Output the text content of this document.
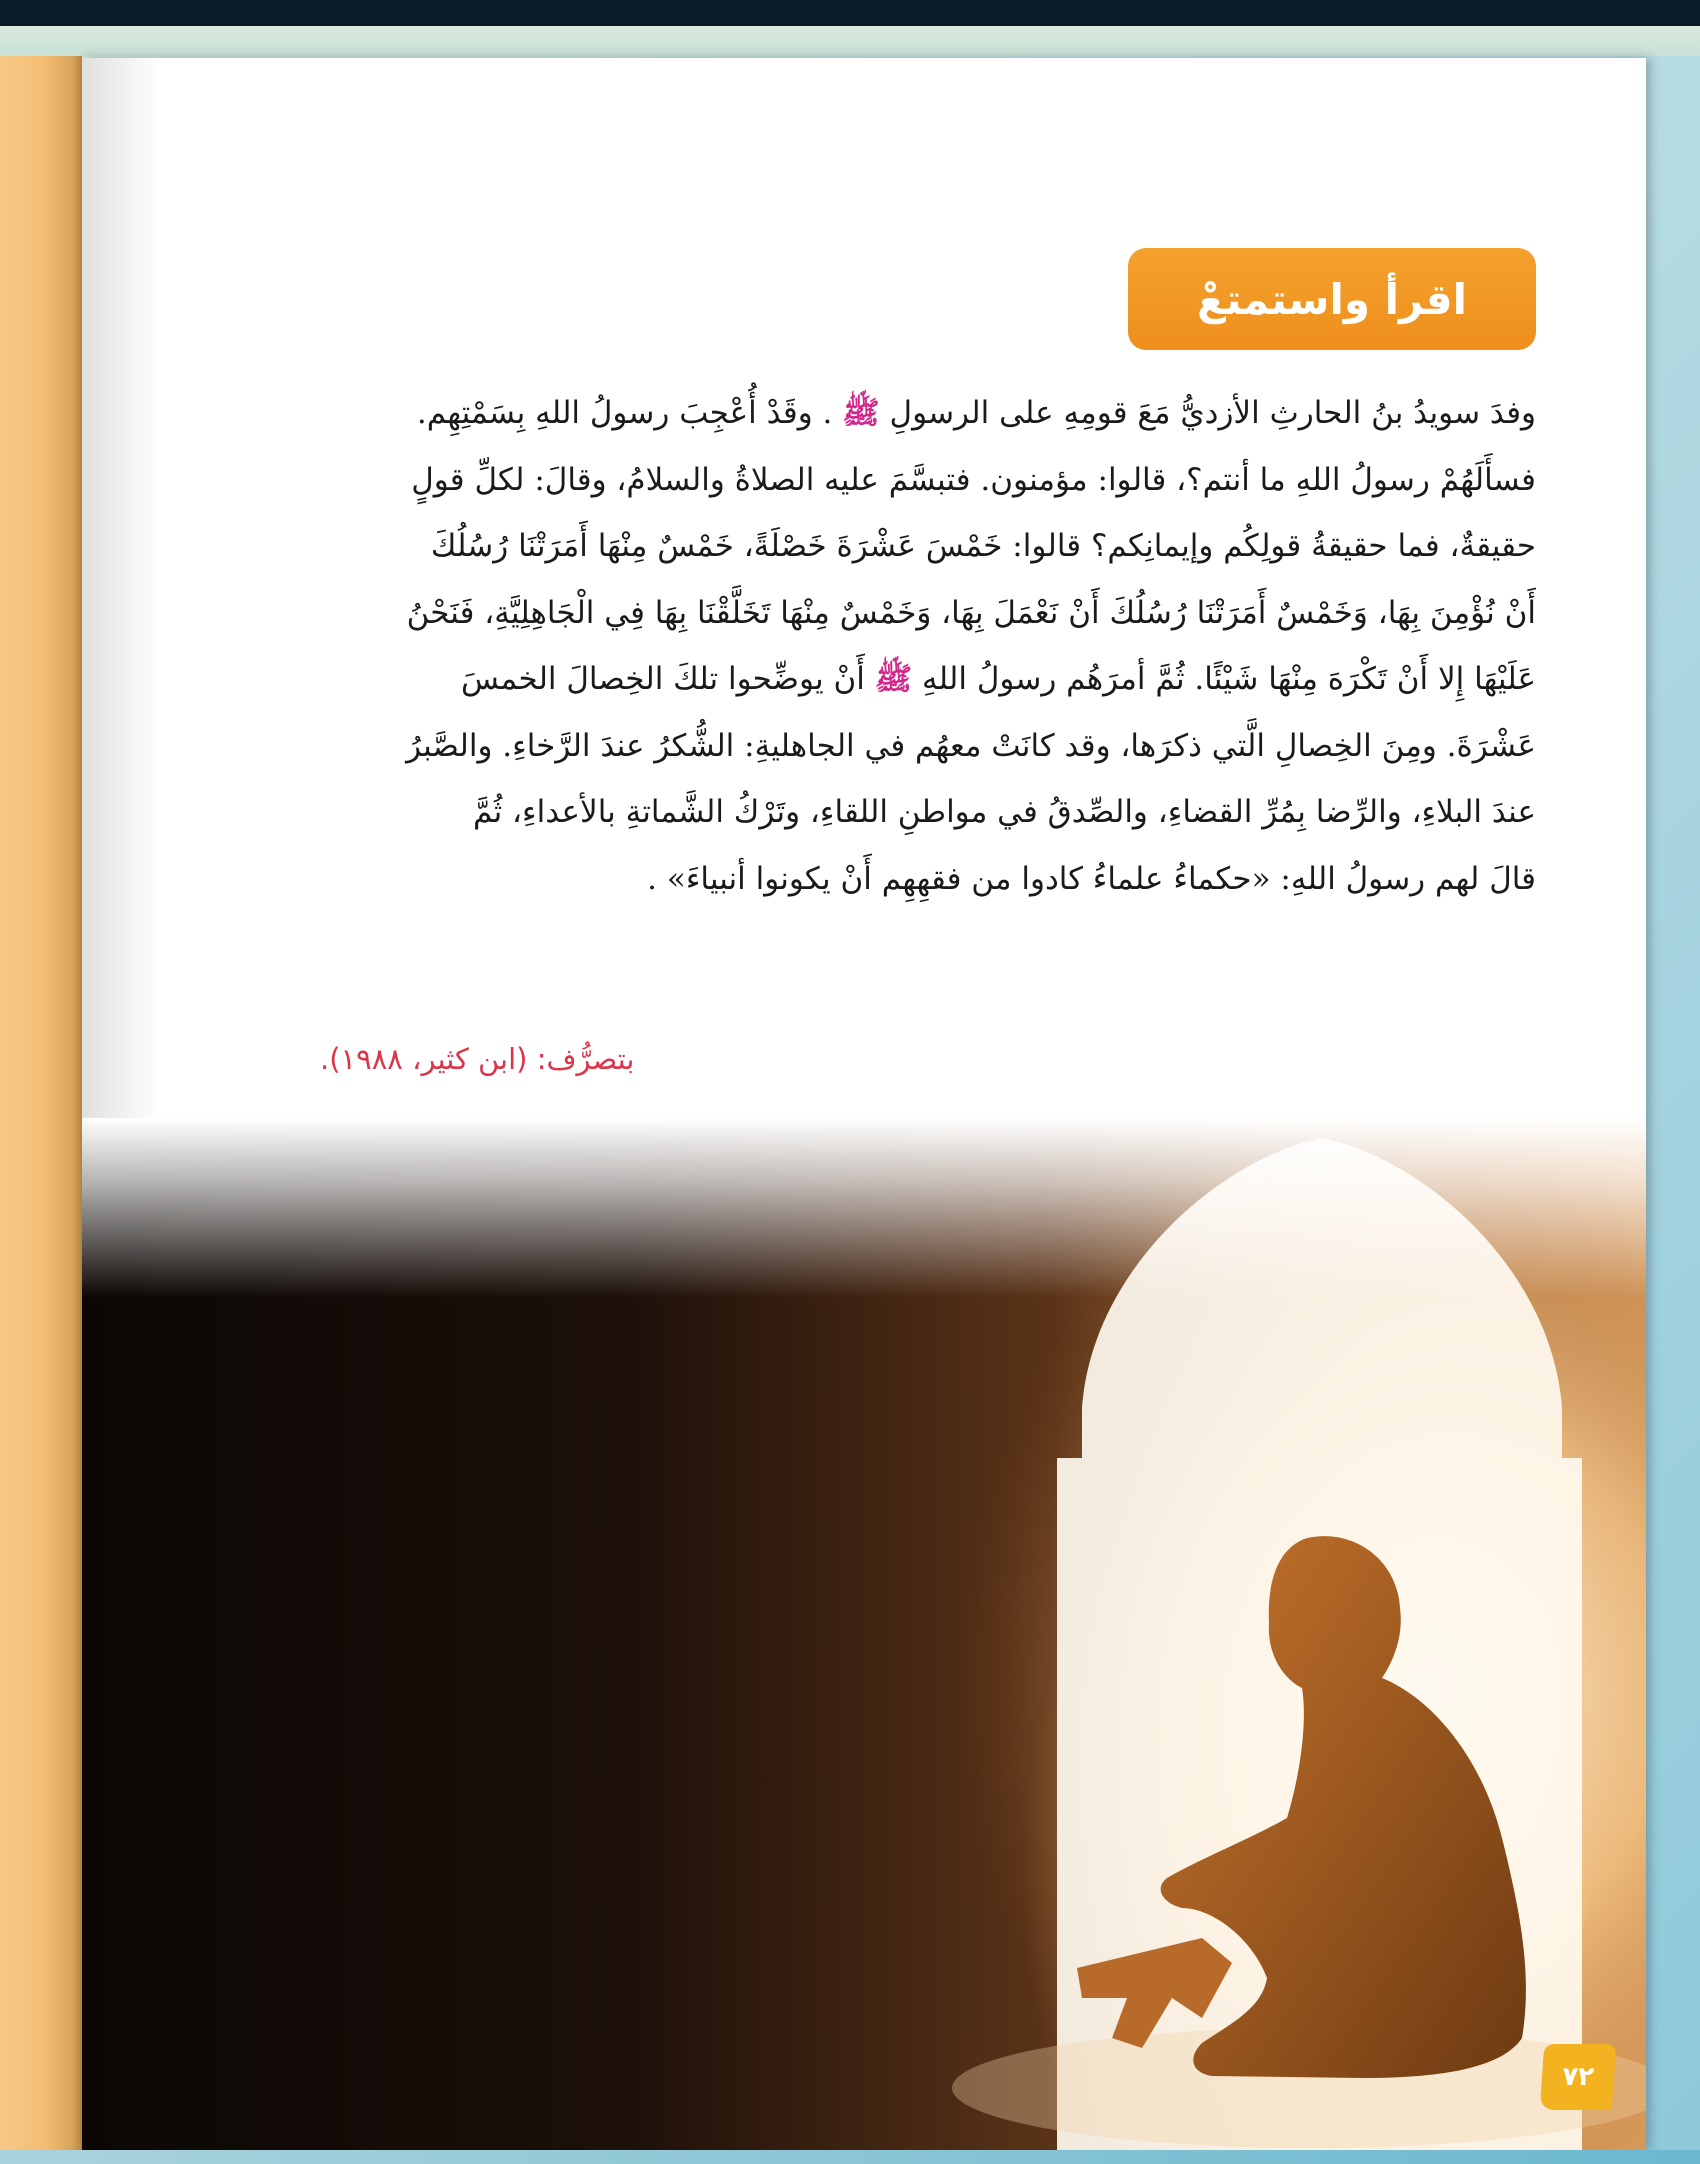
اقرأ واستمتعْ
وفدَ سويدُ بنُ الحارثِ الأزديُّ مَعَ قومِهِ على الرسولِ ﷺ . وقَدْ أُعْجِبَ رسولُ اللهِ بِسَمْتِهِم.
فسأَلَهُمْ رسولُ اللهِ ما أنتم؟، قالوا: مؤمنون. فتبسَّمَ عليه الصلاةُ والسلامُ، وقالَ: لكلِّ قولٍ
حقيقةٌ، فما حقيقةُ قولِكُم وإيمانِكم؟ قالوا: خَمْسَ عَشْرَةَ خَصْلَةً، خَمْسٌ مِنْهَا أَمَرَتْنَا رُسُلُكَ
أَنْ نُؤْمِنَ بِهَا، وَخَمْسٌ أَمَرَتْنَا رُسُلُكَ أَنْ نَعْمَلَ بِهَا، وَخَمْسٌ مِنْهَا تَخَلَّقْنَا بِهَا فِي الْجَاهِلِيَّةِ، فَنَحْنُ
عَلَيْهَا إِلا أَنْ تَكْرَهَ مِنْهَا شَيْئًا. ثُمَّ أمرَهُم رسولُ اللهِ ﷺ أَنْ يوضِّحوا تلكَ الخِصالَ الخمسَ
عَشْرَةَ. ومِنَ الخِصالِ الَّتي ذكرَها، وقد كانَتْ معهُم في الجاهليةِ: الشُّكرُ عندَ الرَّخاءِ. والصَّبرُ
عندَ البلاءِ، والرِّضا بِمُرِّ القضاءِ، والصِّدقُ في مواطنِ اللقاءِ، وتَرْكُ الشَّماتةِ بالأعداءِ، ثُمَّ
قالَ لهم رسولُ اللهِ: «حكماءُ علماءُ كادوا من فقهِهِم أَنْ يكونوا أنبياءَ» .
بتصرُّف: (ابن كثير، ١٩٨٨).
٧٢
